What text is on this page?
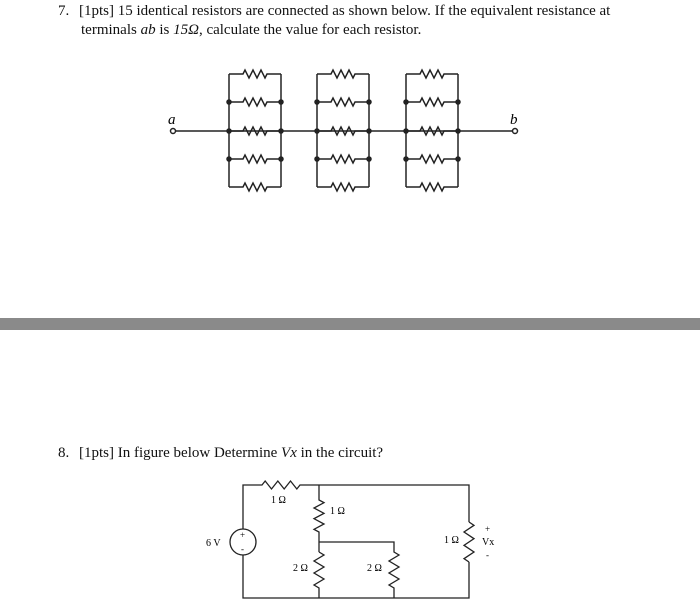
7. [1pts] 15 identical resistors are connected as shown below. If the equivalent resistance at
terminals ab is 15Ω, calculate the value for each resistor.
a	b
6 V
+
-
1 Ω
1 Ω
2 Ω	2 Ω
1 Ω
+
Vx
-
8. [1pts] In figure below Determine Vx in the circuit?
